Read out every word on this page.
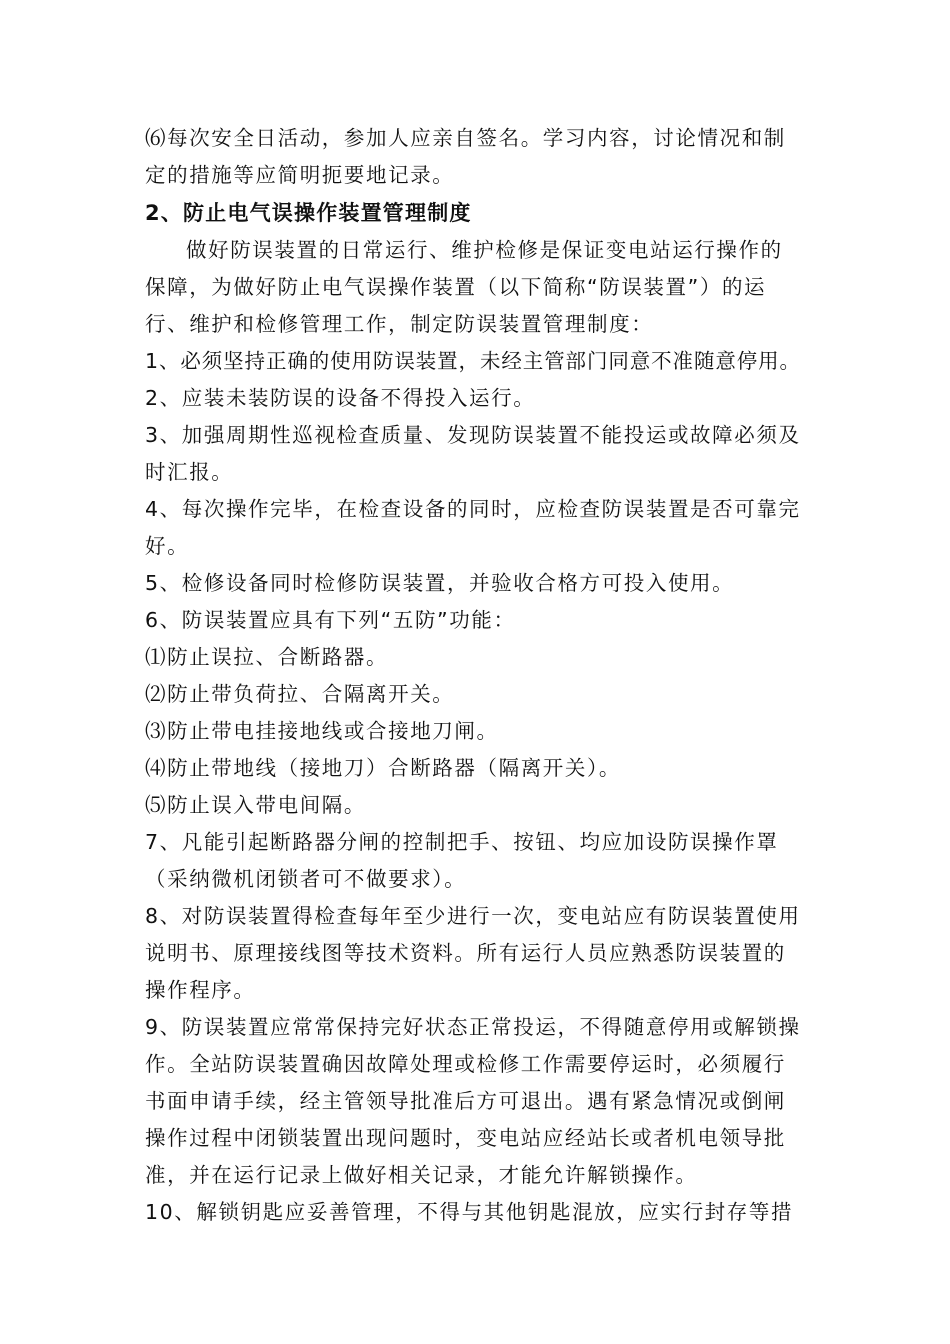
⑹每次安全日活动，参加人应亲自签名。学习内容，讨论情况和制
定的措施等应简明扼要地记录。
2、防止电气误操作装置管理制度
做好防误装置的日常运行、维护检修是保证变电站运行操作的
保障，为做好防止电气误操作装置（以下简称“防误装置”）的运
行、维护和检修管理工作，制定防误装置管理制度：
1、必须坚持正确的使用防误装置，未经主管部门同意不准随意停用。
2、应装未装防误的设备不得投入运行。
3、加强周期性巡视检查质量、发现防误装置不能投运或故障必须及
时汇报。
4、每次操作完毕，在检查设备的同时，应检查防误装置是否可靠完
好。
5、检修设备同时检修防误装置，并验收合格方可投入使用。
6、防误装置应具有下列“五防”功能：
⑴防止误拉、合断路器。
⑵防止带负荷拉、合隔离开关。
⑶防止带电挂接地线或合接地刀闸。
⑷防止带地线（接地刀）合断路器（隔离开关）。
⑸防止误入带电间隔。
7、凡能引起断路器分闸的控制把手、按钮、均应加设防误操作罩
（采纳微机闭锁者可不做要求）。
8、对防误装置得检查每年至少进行一次，变电站应有防误装置使用
说明书、原理接线图等技术资料。所有运行人员应熟悉防误装置的
操作程序。
9、防误装置应常常保持完好状态正常投运，不得随意停用或解锁操
作。全站防误装置确因故障处理或检修工作需要停运时，必须履行
书面申请手续，经主管领导批准后方可退出。遇有紧急情况或倒闸
操作过程中闭锁装置出现问题时，变电站应经站长或者机电领导批
准，并在运行记录上做好相关记录，才能允许解锁操作。
10、解锁钥匙应妥善管理，不得与其他钥匙混放，应实行封存等措
